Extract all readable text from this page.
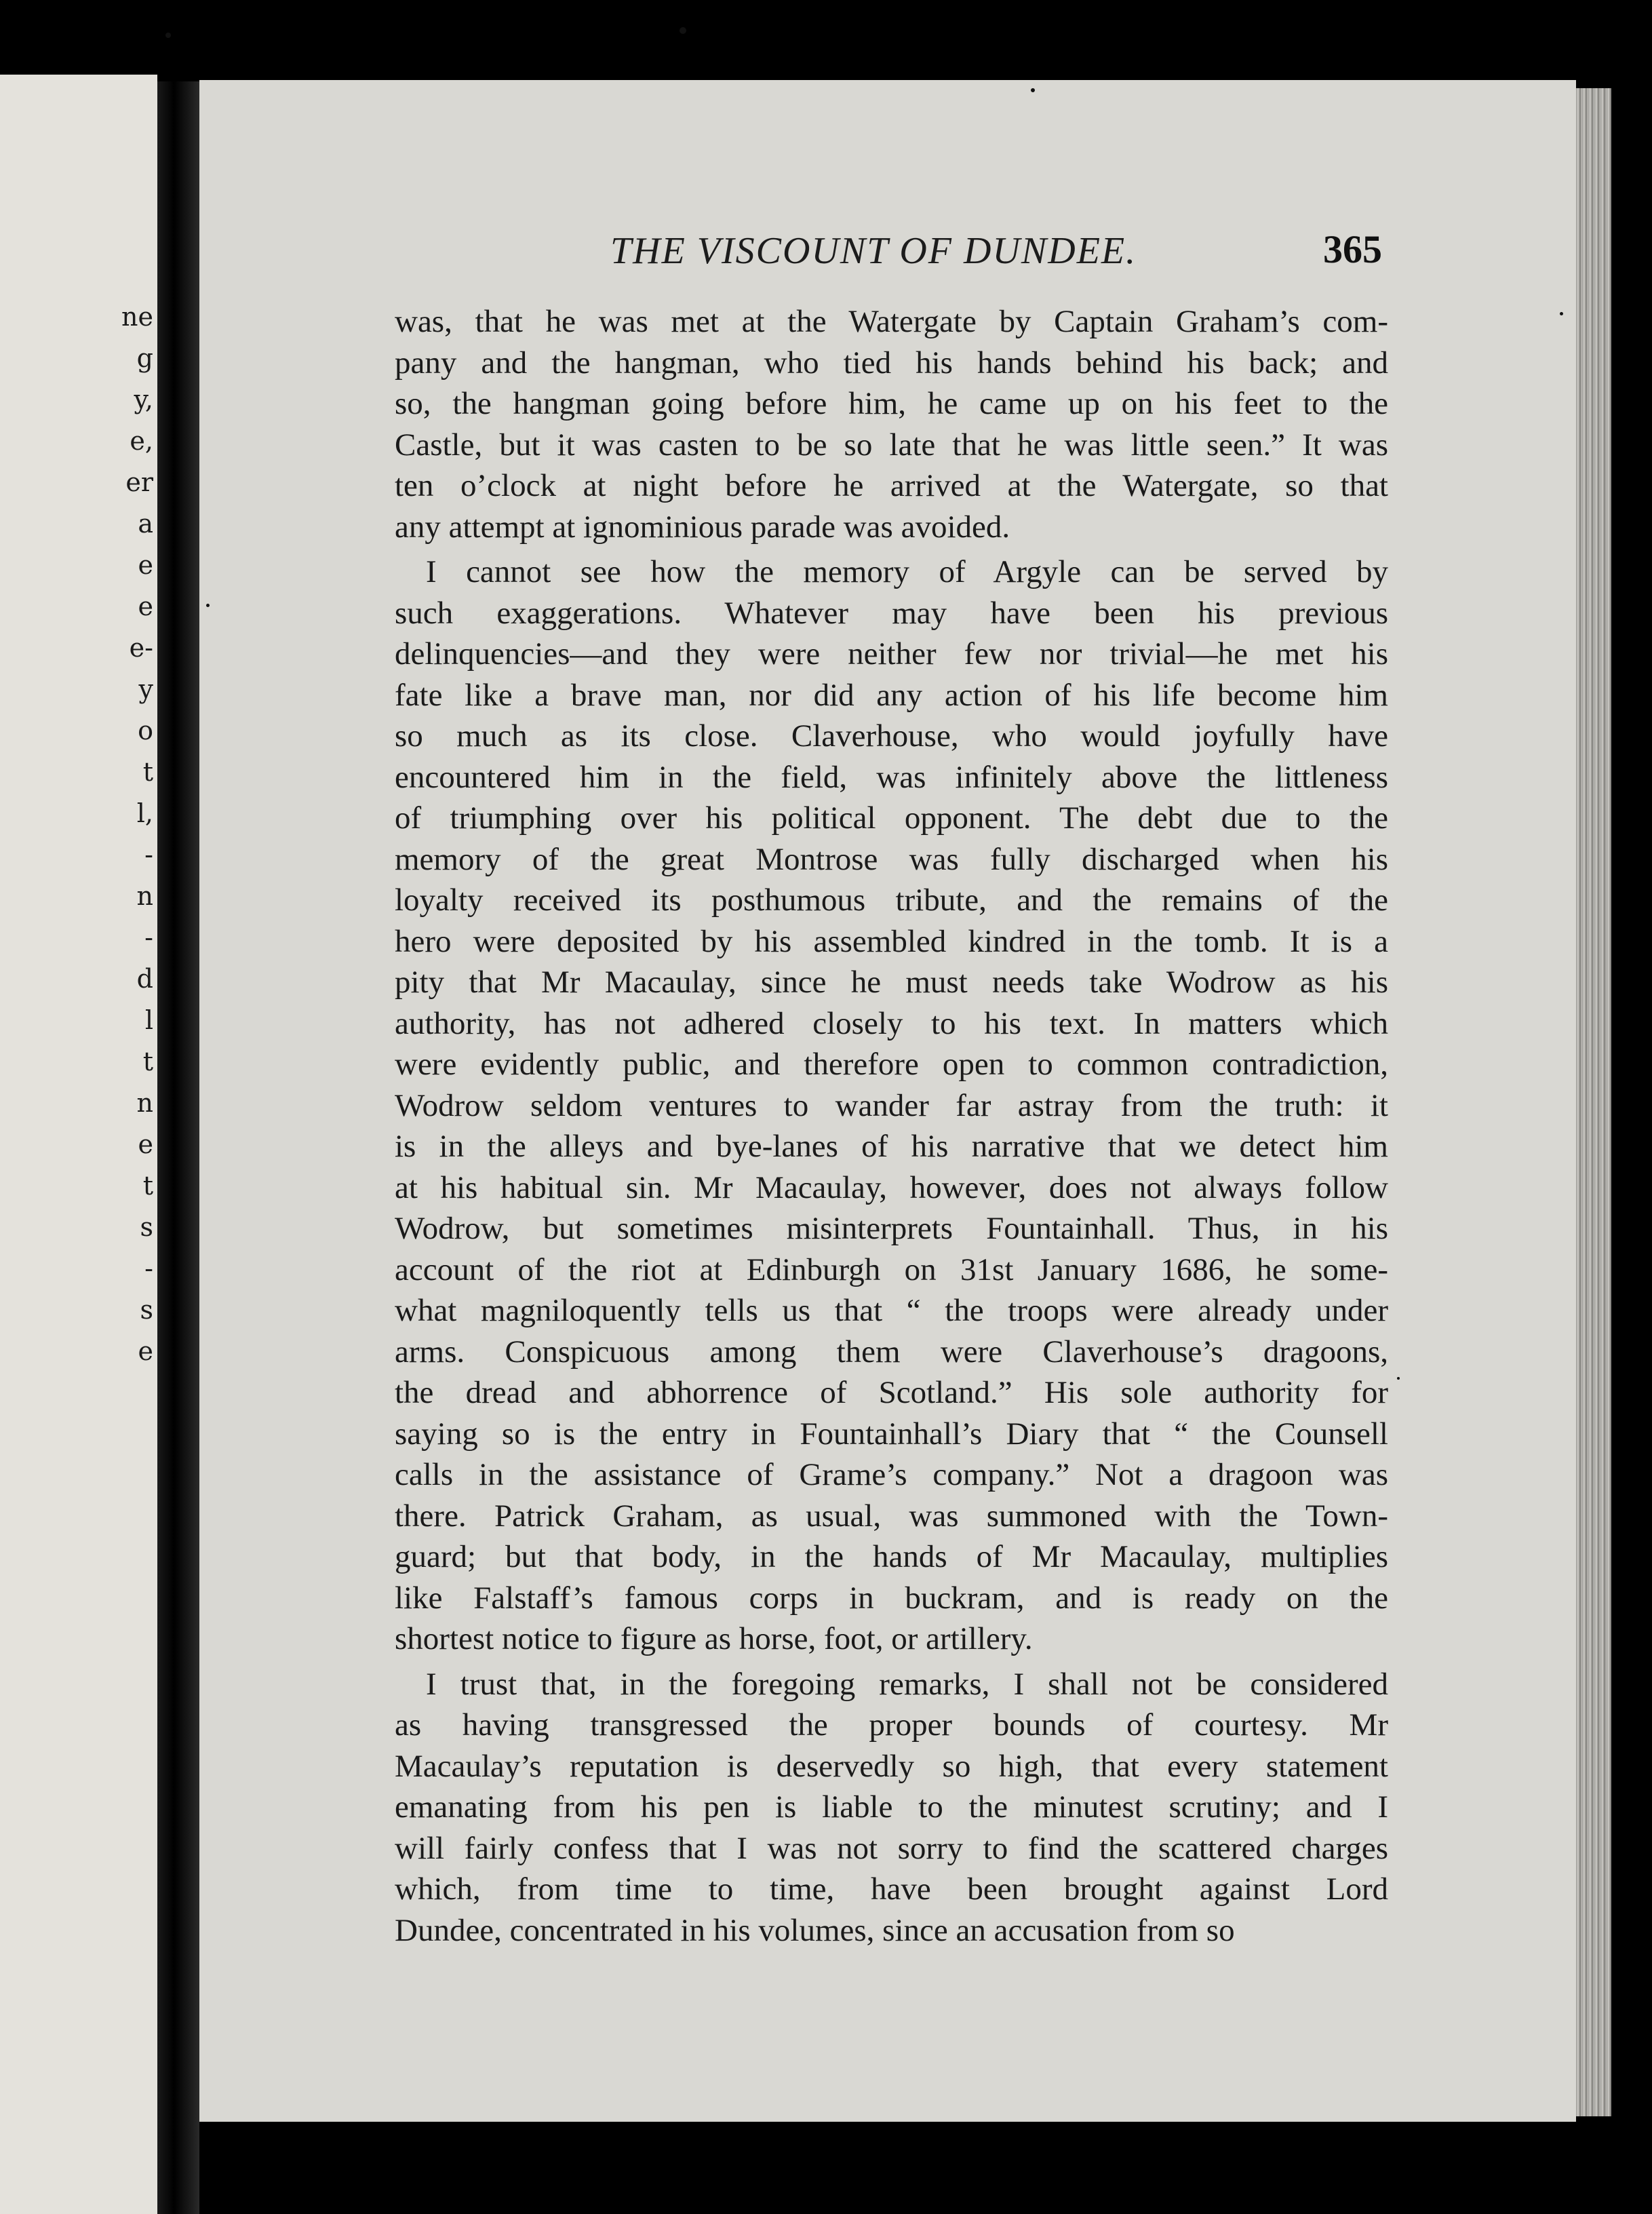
ne
g
y,
e,
er
a
e
e
e-
y
o
t
l,
-
n
-
d
l
t
n
e
t
s
-
s
e
THE VISCOUNT OF DUNDEE.	365
was, that he was met at the Watergate by Captain Graham’s com-
pany and the hangman, who tied his hands behind his back; and
so, the hangman going before him, he came up on his feet to the
Castle, but it was casten to be so late that he was little seen.” It was
ten o’clock at night before he arrived at the Watergate, so that
any attempt at ignominious parade was avoided.
I cannot see how the memory of Argyle can be served by
such exaggerations. Whatever may have been his previous
delinquencies—and they were neither few nor trivial—he met his
fate like a brave man, nor did any action of his life become him
so much as its close. Claverhouse, who would joyfully have
encountered him in the field, was infinitely above the littleness
of triumphing over his political opponent. The debt due to the
memory of the great Montrose was fully discharged when his
loyalty received its posthumous tribute, and the remains of the
hero were deposited by his assembled kindred in the tomb. It is a
pity that Mr Macaulay, since he must needs take Wodrow as his
authority, has not adhered closely to his text. In matters which
were evidently public, and therefore open to common contradiction,
Wodrow seldom ventures to wander far astray from the truth: it
is in the alleys and bye-lanes of his narrative that we detect him
at his habitual sin. Mr Macaulay, however, does not always follow
Wodrow, but sometimes misinterprets Fountainhall. Thus, in his
account of the riot at Edinburgh on 31st January 1686, he some-
what magniloquently tells us that “ the troops were already under
arms. Conspicuous among them were Claverhouse’s dragoons,
the dread and abhorrence of Scotland.” His sole authority for
saying so is the entry in Fountainhall’s Diary that “ the Counsell
calls in the assistance of Grame’s company.” Not a dragoon was
there. Patrick Graham, as usual, was summoned with the Town-
guard; but that body, in the hands of Mr Macaulay, multiplies
like Falstaff’s famous corps in buckram, and is ready on the
shortest notice to figure as horse, foot, or artillery.
I trust that, in the foregoing remarks, I shall not be considered
as having transgressed the proper bounds of courtesy. Mr
Macaulay’s reputation is deservedly so high, that every statement
emanating from his pen is liable to the minutest scrutiny; and I
will fairly confess that I was not sorry to find the scattered charges
which, from time to time, have been brought against Lord
Dundee, concentrated in his volumes, since an accusation from so
